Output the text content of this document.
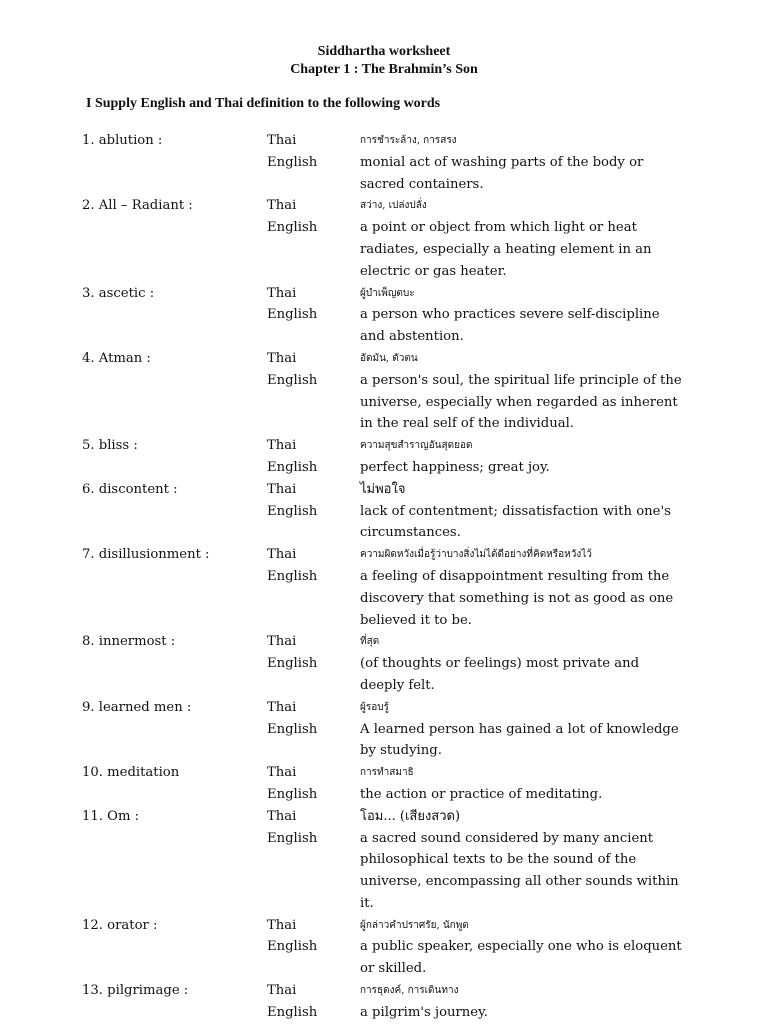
Siddhartha worksheet
Chapter 1 : The Brahmin’s Son
I Supply English and Thai definition to the following words
1. ablution :	Thai	การชำระล้าง, การสรง
English	monial act of washing parts of the body or sacred containers.
2. All – Radiant :	Thai	สว่าง, เปล่งปลั่ง
English	a point or object from which light or heat radiates, especially a heating element in an electric or gas heater.
3. ascetic :	Thai	ผู้บำเพ็ญตบะ
English	a person who practices severe self-discipline and abstention.
4. Atman :	Thai	อัตมัน, ตัวตน
English	a person's soul, the spiritual life principle of the universe, especially when regarded as inherent in the real self of the individual.
5. bliss :	Thai	ความสุขสำราญอันสุดยอด
English	perfect happiness; great joy.
6. discontent :	Thai	ไม่พอใจ
English	lack of contentment; dissatisfaction with one's circumstances.
7. disillusionment :	Thai	ความผิดหวังเมื่อรู้ว่าบางสิ่งไม่ได้ดีอย่างที่คิดหรือหวังไว้
English	a feeling of disappointment resulting from the discovery that something is not as good as one believed it to be.
8. innermost :	Thai	ที่สุด
English	(of thoughts or feelings) most private and deeply felt.
9. learned men :	Thai	ผู้รอบรู้
English	A learned person has gained a lot of knowledge by studying.
10. meditation	Thai	การทำสมาธิ
English	the action or practice of meditating.
11. Om :	Thai	โอม... (เสียงสวด)
English	a sacred sound considered by many ancient philosophical texts to be the sound of the universe, encompassing all other sounds within it.
12. orator :	Thai	ผู้กล่าวคำปราศรัย, นักพูด
English	a public speaker, especially one who is eloquent or skilled.
13. pilgrimage :	Thai	การธุดงค์, การเดินทาง
English	a pilgrim's journey.
